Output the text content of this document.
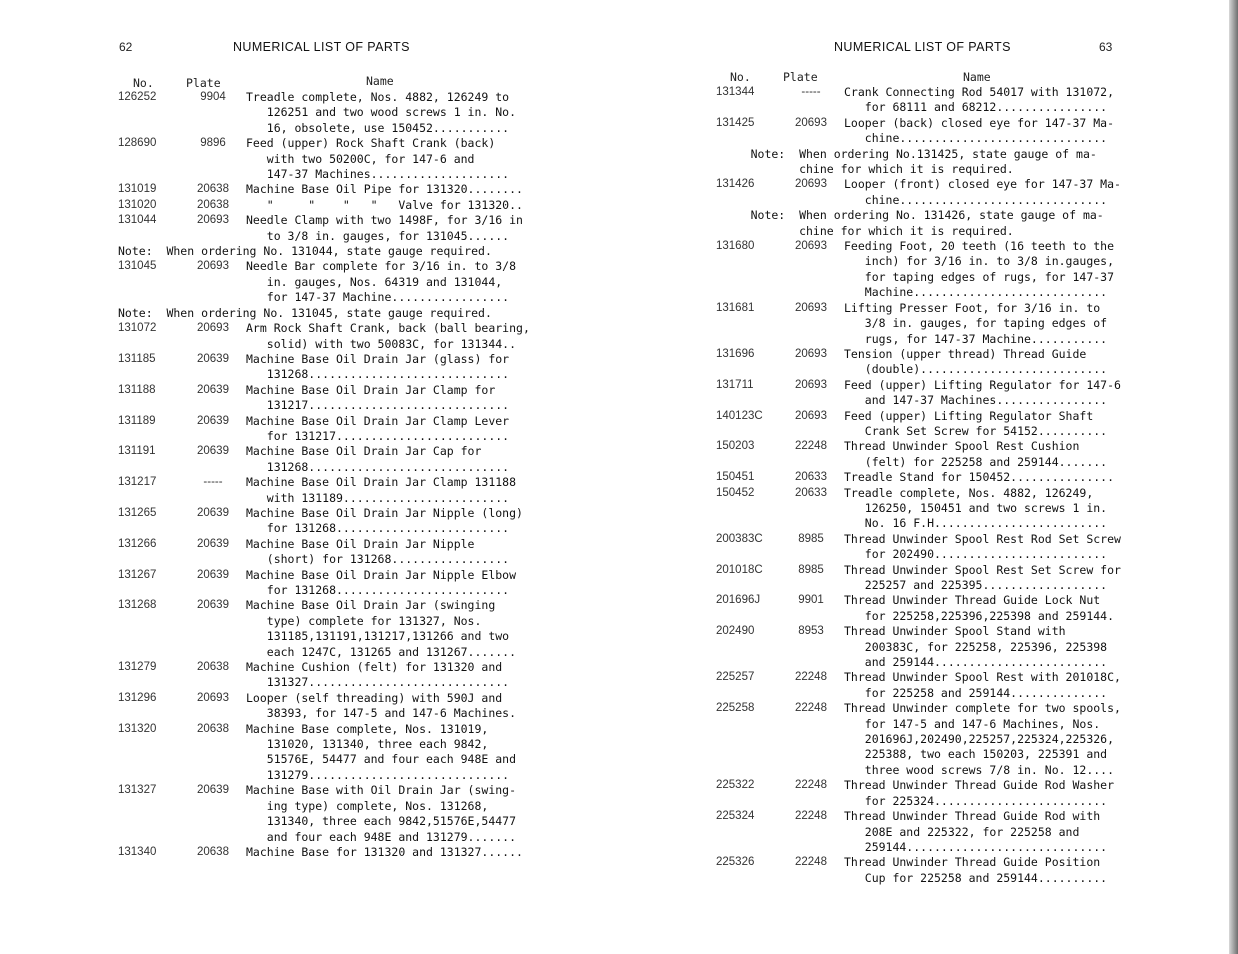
62	NUMERICAL LIST OF PARTS
No.	Plate	Name
126252	9904	Treadle complete, Nos. 4882, 126249 to
126251 and two wood screws 1 in. No.
16, obsolete, use 150452...........
128690	9896	Feed (upper) Rock Shaft Crank (back)
with two 50200C, for 147-6 and
147-37 Machines....................
131019	20638	Machine Base Oil Pipe for 131320........
131020	20638	"     "    "   "   Valve for 131320..
131044	20693	Needle Clamp with two 1498F, for 3/16 in
to 3/8 in. gauges, for 131045......
Note:  When ordering No. 131044, state gauge required.
131045	20693	Needle Bar complete for 3/16 in. to 3/8
in. gauges, Nos. 64319 and 131044,
for 147-37 Machine.................
Note:  When ordering No. 131045, state gauge required.
131072	20693	Arm Rock Shaft Crank, back (ball bearing,
solid) with two 50083C, for 131344..
131185	20639	Machine Base Oil Drain Jar (glass) for
131268.............................
131188	20639	Machine Base Oil Drain Jar Clamp for
131217.............................
131189	20639	Machine Base Oil Drain Jar Clamp Lever
for 131217.........................
131191	20639	Machine Base Oil Drain Jar Cap for
131268.............................
131217	-----	Machine Base Oil Drain Jar Clamp 131188
with 131189........................
131265	20639	Machine Base Oil Drain Jar Nipple (long)
for 131268.........................
131266	20639	Machine Base Oil Drain Jar Nipple
(short) for 131268.................
131267	20639	Machine Base Oil Drain Jar Nipple Elbow
for 131268.........................
131268	20639	Machine Base Oil Drain Jar (swinging
type) complete for 131327, Nos.
131185,131191,131217,131266 and two
each 1247C, 131265 and 131267.......
131279	20638	Machine Cushion (felt) for 131320 and
131327.............................
131296	20693	Looper (self threading) with 590J and
38393, for 147-5 and 147-6 Machines.
131320	20638	Machine Base complete, Nos. 131019,
131020, 131340, three each 9842,
51576E, 54477 and four each 948E and
131279.............................
131327	20639	Machine Base with Oil Drain Jar (swing-
ing type) complete, Nos. 131268,
131340, three each 9842,51576E,54477
and four each 948E and 131279.......
131340	20638	Machine Base for 131320 and 131327......
NUMERICAL LIST OF PARTS	63
No.	Plate	Name
131344	-----	Crank Connecting Rod 54017 with 131072,
for 68111 and 68212................
131425	20693	Looper (back) closed eye for 147-37 Ma-
chine..............................
Note:  When ordering No.131425, state gauge of ma-
chine for which it is required.
131426	20693	Looper (front) closed eye for 147-37 Ma-
chine..............................
Note:  When ordering No. 131426, state gauge of ma-
chine for which it is required.
131680	20693	Feeding Foot, 20 teeth (16 teeth to the
inch) for 3/16 in. to 3/8 in.gauges,
for taping edges of rugs, for 147-37
Machine............................
131681	20693	Lifting Presser Foot, for 3/16 in. to
3/8 in. gauges, for taping edges of
rugs, for 147-37 Machine...........
131696	20693	Tension (upper thread) Thread Guide
(double)...........................
131711	20693	Feed (upper) Lifting Regulator for 147-6
and 147-37 Machines................
140123C	20693	Feed (upper) Lifting Regulator Shaft
Crank Set Screw for 54152..........
150203	22248	Thread Unwinder Spool Rest Cushion
(felt) for 225258 and 259144.......
150451	20633	Treadle Stand for 150452...............
150452	20633	Treadle complete, Nos. 4882, 126249,
126250, 150451 and two screws 1 in.
No. 16 F.H.........................
200383C	8985	Thread Unwinder Spool Rest Rod Set Screw
for 202490.........................
201018C	8985	Thread Unwinder Spool Rest Set Screw for
225257 and 225395..................
201696J	9901	Thread Unwinder Thread Guide Lock Nut
for 225258,225396,225398 and 259144.
202490	8953	Thread Unwinder Spool Stand with
200383C, for 225258, 225396, 225398
and 259144.........................
225257	22248	Thread Unwinder Spool Rest with 201018C,
for 225258 and 259144..............
225258	22248	Thread Unwinder complete for two spools,
for 147-5 and 147-6 Machines, Nos.
201696J,202490,225257,225324,225326,
225388, two each 150203, 225391 and
three wood screws 7/8 in. No. 12....
225322	22248	Thread Unwinder Thread Guide Rod Washer
for 225324.........................
225324	22248	Thread Unwinder Thread Guide Rod with
208E and 225322, for 225258 and
259144.............................
225326	22248	Thread Unwinder Thread Guide Position
Cup for 225258 and 259144..........
